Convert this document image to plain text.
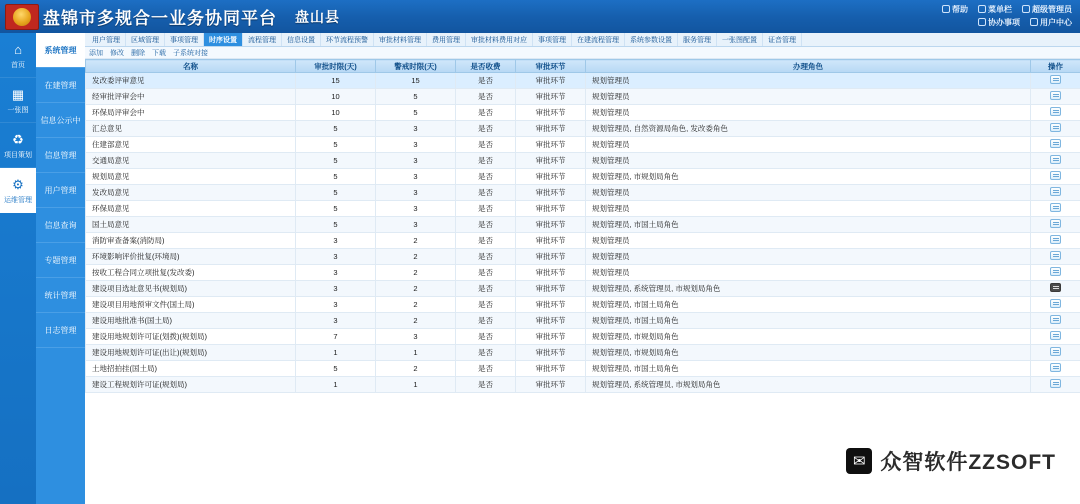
盘锦市多规合一业务协同平台 盘山县	帮助	菜单栏	超级管理员
协办事项	用户中心
⌂
首页
▦
一张图
♻
项目策划
⚙
运维管理
系统管理
在建管理
信息公示中
信息管理
用户管理
信息查询
专题管理
统计管理
日志管理
用户管理	区域管理	事项管理	时序设置	流程管理	信息设置	环节流程预警	审批材料管理	费用管理	审批材料费用对应	事项管理	在建流程管理	系统参数设置	服务管理	一张图配置	证音管理
添加 修改 删除 下载 子系统对接
名称	审批时限(天)	警戒时限(天)	是否收费	审批环节	办理角色	操作
发改委评审意见	15	15	是否	审批环节	规划管理员	
经审批评审会中	10	5	是否	审批环节	规划管理员	
环保局评审会中	10	5	是否	审批环节	规划管理员	
汇总意见	5	3	是否	审批环节	规划管理员, 自然资源局角色, 发改委角色	
住建部意见	5	3	是否	审批环节	规划管理员	
交通局意见	5	3	是否	审批环节	规划管理员	
规划局意见	5	3	是否	审批环节	规划管理员, 市规划局角色	
发改局意见	5	3	是否	审批环节	规划管理员	
环保局意见	5	3	是否	审批环节	规划管理员	
国土局意见	5	3	是否	审批环节	规划管理员, 市国土局角色	
消防审查备案(消防局)	3	2	是否	审批环节	规划管理员	
环境影响评价批复(环境局)	3	2	是否	审批环节	规划管理员	
按收工程合同立项批复(发改委)	3	2	是否	审批环节	规划管理员	
建设项目选址意见书(规划局)	3	2	是否	审批环节	规划管理员, 系统管理员, 市规划局角色	
建设项目用地预审文件(国土局)	3	2	是否	审批环节	规划管理员, 市国土局角色	
建设用地批准书(国土局)	3	2	是否	审批环节	规划管理员, 市国土局角色	
建设用地规划许可证(划拨)(规划局)	7	3	是否	审批环节	规划管理员, 市规划局角色	
建设用地规划许可证(出让)(规划局)	1	1	是否	审批环节	规划管理员, 市规划局角色	
土地招拍挂(国土局)	5	2	是否	审批环节	规划管理员, 市国土局角色	
建设工程规划许可证(规划局)	1	1	是否	审批环节	规划管理员, 系统管理员, 市规划局角色	
✉ 众智软件ZZSOFT
